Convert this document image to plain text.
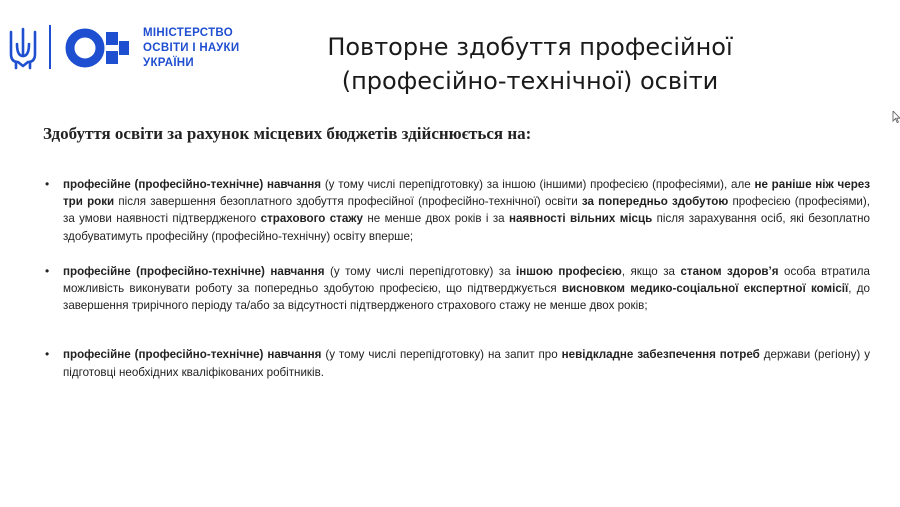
МІНІСТЕРСТВО
ОСВІТИ І НАУКИ
УКРАЇНИ
Повторне здобуття професійної
(професійно-технічної) освіти
Здобуття освіти за рахунок місцевих бюджетів здійснюється на:
• професійне (професійно-технічне) навчання (у тому числі перепідготовку) за іншою (іншими) професією (професіями), але не раніше ніж через три роки після завершення безоплатного здобуття професійної (професійно-технічної) освіти за попередньо здобутою професією (професіями), за умови наявності підтвердженого страхового стажу не менше двох років і за наявності вільних місць після зарахування осіб, які безоплатно здобуватимуть професійну (професійно-технічну) освіту вперше;
• професійне (професійно-технічне) навчання (у тому числі перепідготовку) за іншою професією, якщо за станом здоров’я особа втратила можливість виконувати роботу за попередньо здобутою професією, що підтверджується висновком медико-соціальної експертної комісії, до завершення трирічного періоду та/або за відсутності підтвердженого страхового стажу не менше двох років;
• професійне (професійно-технічне) навчання (у тому числі перепідготовку) на запит про невідкладне забезпечення потреб держави (регіону) у підготовці необхідних кваліфікованих робітників.
